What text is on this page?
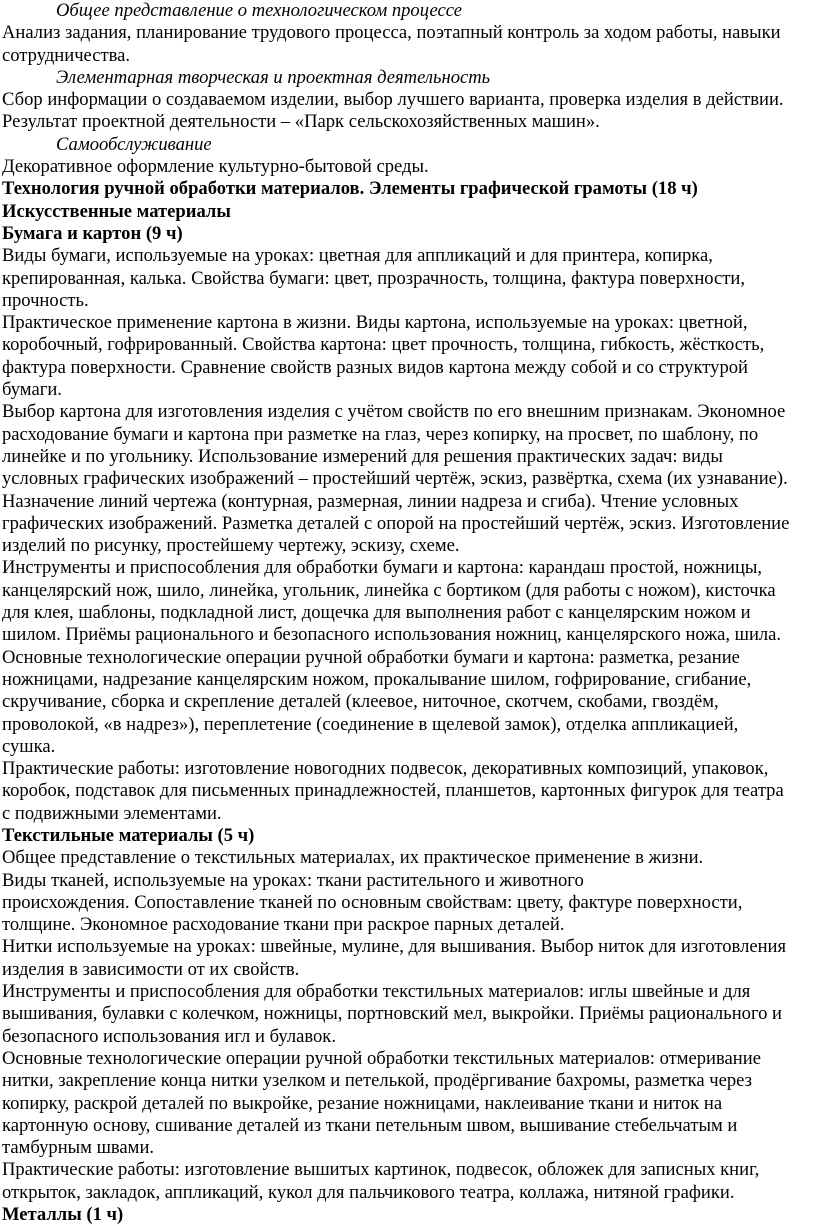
Общее представление о технологическом процессе

Анализ задания, планирование трудового процесса, поэтапный контроль за ходом работы, навыки
сотрудничества.

Элементарная творческая и проектная деятельность

Сбор информации о создаваемом изделии, выбор лучшего варианта, проверка изделия в действии.
Результат проектной деятельности – «Парк сельскохозяйственных машин».

Самообслуживание

Декоративное оформление культурно-бытовой среды.

Технология ручной обработки материалов. Элементы графической грамоты (18 ч)

Искусственные материалы

Бумага и картон (9 ч)

Виды бумаги, используемые на уроках: цветная для аппликаций и для принтера, копирка,
крепированная, калька. Свойства бумаги: цвет, прозрачность, толщина, фактура поверхности,
прочность.

Практическое применение картона в жизни. Виды картона, используемые на уроках: цветной,
коробочный, гофрированный. Свойства картона: цвет прочность, толщина, гибкость, жёсткость,
фактура поверхности. Сравнение свойств разных видов картона между собой и со структурой
бумаги.

Выбор картона для изготовления изделия с учётом свойств по его внешним признакам. Экономное
расходование бумаги и картона при разметке на глаз, через копирку, на просвет, по шаблону, по
линейке и по угольнику. Использование измерений для решения практических задач: виды
условных графических изображений – простейший чертёж, эскиз, развёртка, схема (их узнавание).
Назначение линий чертежа (контурная, размерная, линии надреза и сгиба). Чтение условных
графических изображений. Разметка деталей с опорой на простейший чертёж, эскиз. Изготовление
изделий по рисунку, простейшему чертежу, эскизу, схеме.

Инструменты и приспособления для обработки бумаги и картона: карандаш простой, ножницы,
канцелярский нож, шило, линейка, угольник, линейка с бортиком (для работы с ножом), кисточка
для клея, шаблоны, подкладной лист, дощечка для выполнения работ с канцелярским ножом и
шилом. Приёмы рационального и безопасного использования ножниц, канцелярского ножа, шила.

Основные технологические операции ручной обработки бумаги и картона: разметка, резание
ножницами, надрезание канцелярским ножом, прокалывание шилом, гофрирование, сгибание,
скручивание, сборка и скрепление деталей (клеевое, ниточное, скотчем, скобами, гвоздём,
проволокой, «в надрез»), переплетение (соединение в щелевой замок), отделка аппликацией,
сушка.

Практические работы: изготовление новогодних подвесок, декоративных композиций, упаковок,
коробок, подставок для письменных принадлежностей, планшетов, картонных фигурок для театра
с подвижными элементами.

Текстильные материалы (5 ч)

Общее представление о текстильных материалах, их практическое применение в жизни.

Виды тканей, используемые на уроках: ткани растительного и животного
происхождения. Сопоставление тканей по основным свойствам: цвету, фактуре поверхности,
толщине. Экономное расходование ткани при раскрое парных деталей.

Нитки используемые на уроках: швейные, мулине, для вышивания. Выбор ниток для изготовления
изделия в зависимости от их свойств.

Инструменты и приспособления для обработки текстильных материалов: иглы швейные и для
вышивания, булавки с колечком, ножницы, портновский мел, выкройки. Приёмы рационального и
безопасного использования игл и булавок.

Основные технологические операции ручной обработки текстильных материалов: отмеривание
нитки, закрепление конца нитки узелком и петелькой, продёргивание бахромы, разметка через
копирку, раскрой деталей по выкройке, резание ножницами, наклеивание ткани и ниток на
картонную основу, сшивание деталей из ткани петельным швом, вышивание стебельчатым и
тамбурным швами.

Практические работы: изготовление вышитых картинок, подвесок, обложек для записных книг,
открыток, закладок, аппликаций, кукол для пальчикового театра, коллажа, нитяной графики.

Металлы (1 ч)
